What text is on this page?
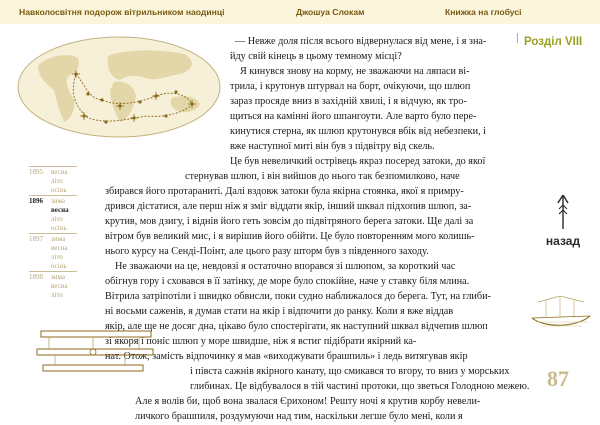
Навколосвітня подорож вітрильником наодинці	Джошуа Слокам	Книжка на глобусі
Розділ VIII
— Невже доля після всього відвернулася від мене, і я зна-
йду свій кінець в цьому темному місці?
Я кинувся знову на корму, не зважаючи на ляпаси ві-
трила, і крутонув штурвал на борт, очікуючи, що шлюп
зараз просяде вниз в західній хвилі, і я відчую, як тро-
щиться на камінні його шпангоути. Але варто було пере-
кинутися стерна, як шлюп крутонувся вбік від небезпеки, і
вже наступної миті він був з підвітру від скель.
Це був невеличкий острівець якраз посеред затоки, до якої
стернував шлюп, і він вийшов до нього так безпомилково, наче
збирався його протараниті. Далі вздовж затоки була якірна стоянка, якої я примру-
дрився дістатися, але перш ніж я зміг віддати якір, інший шквал підхопив шлюп, за-
крутив, мов дзигу, і віднів його геть зовсім до підвітряного берега затоки. Ще далі за
вітром був великий мис, і я вирішив його обійти. Це було повторенням мого колишь-
нього курсу на Сенді-Поінт, але цього разу шторм був з південного заходу.
Не зважаючи на це, невдовзі я остаточно впорався зі шлюпом, за короткий час
обігнув гору і сховався в її затінку, де море було спокійне, наче у ставку біля млина.
Вітрила затріпотіли і швидко обвисли, поки судно наближалося до берега. Тут, на глиби-
ні восьми саженів, я думав стати на якір і відпочити до ранку. Коли я вже віддав
якір, але ще не досяг дна, цікаво було спостерігати, як наступний шквал відчепив шлюп
зі якоря і поніс шлюп у море швидше, ніж я встиг підібрати якірний ка-
нат. Отож, замість відпочинку я мав «виходжувати брашпиль» і ледь витягував якір
і півста сажнів якірного канату, що смикався то вгору, то вниз у морських
глибинах. Це відбувалося в тій частині протоки, що зветься Голодною межею.
Але я волів би, щоб вона звалася Єрихоном! Решту ночі я крутив корбу невели-
личкого брашпиля, роздумуючи над тим, наскільки легше було мені, коли я
1895	весна
літо
осінь
1896	зима
весна
літо
осінь
1897	зима
весна
літо
осінь
1898	зима
весна
літо
назад
87
